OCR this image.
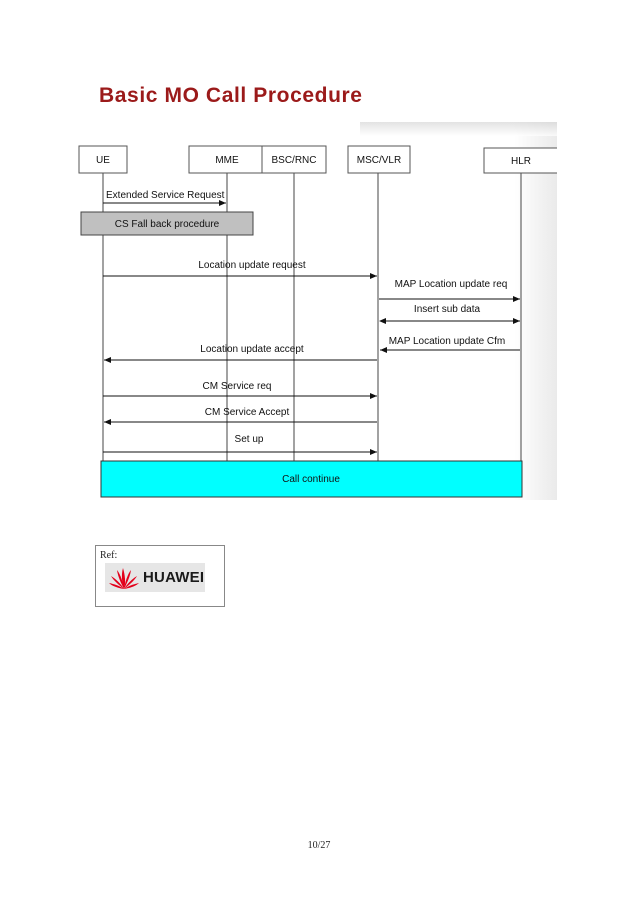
Basic MO Call Procedure
UE	MME	BSC/RNC	MSC/VLR	HLR
Extended Service Request
CS Fall back procedure
Location update request
MAP Location update req
Insert sub data
MAP Location update Cfm
Location update accept
CM Service req
CM Service Accept
Set up
Call continue
Ref:
HUAWEI
10/27
